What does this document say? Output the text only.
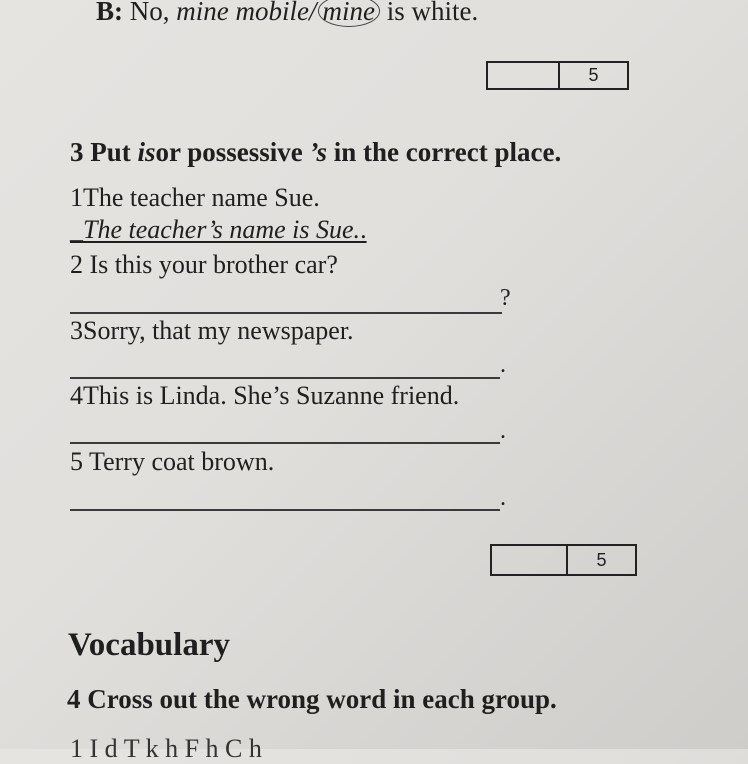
B: No, mine mobile/ mine is white.
5
3 Put isor possessive ’s in the correct place.
1The teacher name Sue.
_The teacher’s name is Sue..
2 Is this your brother car?
?
3Sorry, that my newspaper.
.
4This is Linda. She’s Suzanne friend.
.
5 Terry coat brown.
.
5
Vocabulary
4 Cross out the wrong word in each group.
1 I d T k h F h C h
